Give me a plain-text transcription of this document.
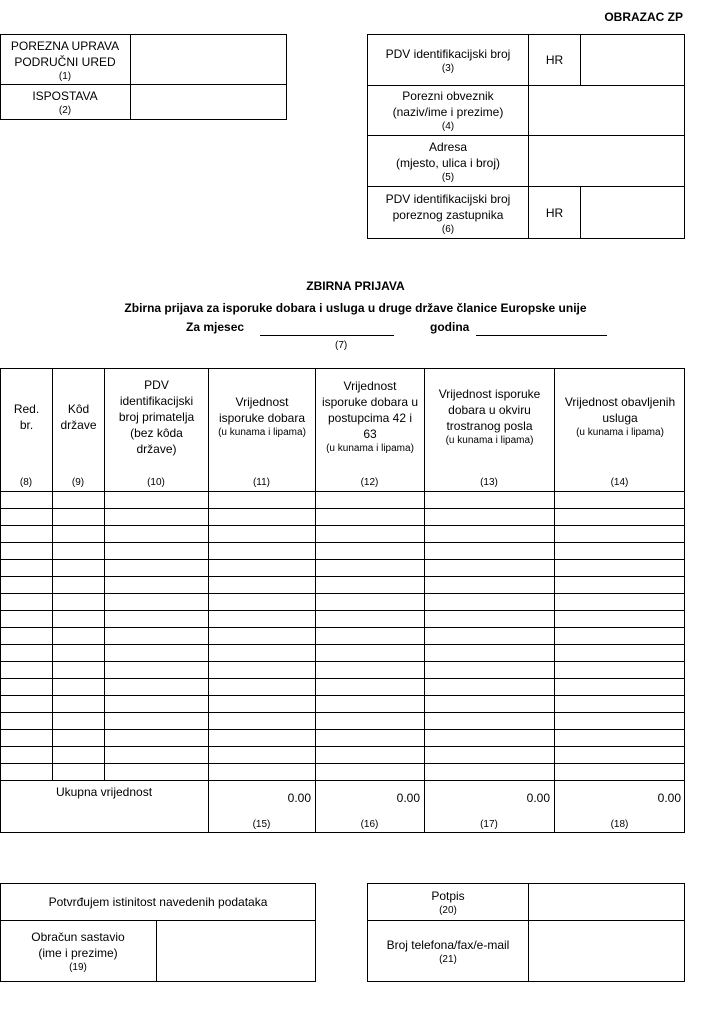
OBRAZAC ZP
POREZNA UPRAVA
PODRUČNI URED
(1)
ISPOSTAVA
(2)
PDV identifikacijski broj
(3)
HR
Porezni obveznik
(naziv/ime i prezime)
(4)
Adresa
(mjesto, ulica i broj)
(5)
PDV identifikacijski broj
poreznog zastupnika
(6)
HR
ZBIRNA PRIJAVA
Zbirna prijava za isporuke dobara i usluga u druge države članice Europske unije
Za mjesec	godina
(7)
Red.
br.
(8)
Kôd
države
(9)
PDV
identifikacijski
broj primatelja
(bez kôda
države)
(10)
Vrijednost
isporuke dobara
(u kunama i lipama)
(11)
Vrijednost
isporuke dobara u
postupcima 42 i
63
(u kunama i lipama)
(12)
Vrijednost isporuke
dobara u okviru
trostranog posla
(u kunama i lipama)
(13)
Vrijednost obavljenih
usluga
(u kunama i lipama)
(14)
Ukupna vrijednost	0.00
(15)
0.00
(16)
0.00
(17)
0.00
(18)
Potvrđujem istinitost navedenih podataka
Obračun sastavio
(ime i prezime)
(19)
Potpis
(20)
Broj telefona/fax/e-mail
(21)
